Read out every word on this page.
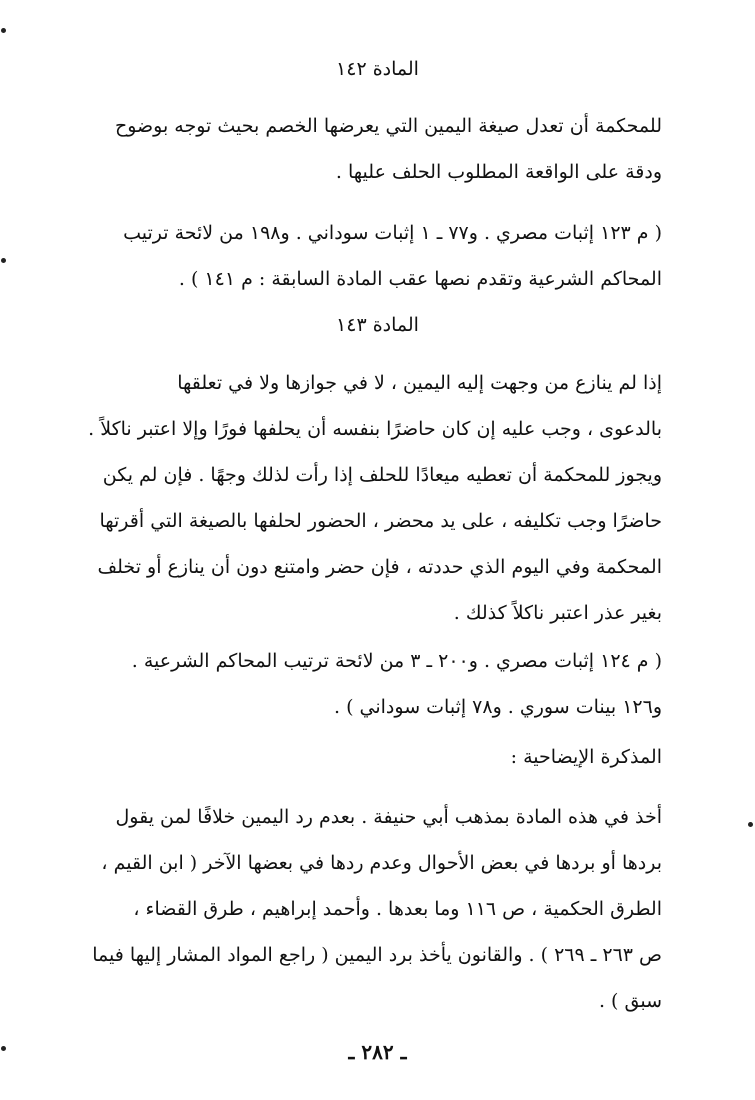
المادة ١٤٢
للمحكمة أن تعدل صيغة اليمين التي يعرضها الخصم بحيث توجه بوضوح
ودقة على الواقعة المطلوب الحلف عليها .
( م ١٢٣ إثبات مصري . و٧٧ ـ ١ إثبات سوداني . و١٩٨ من لائحة ترتيب
المحاكم الشرعية وتقدم نصها عقب المادة السابقة : م ١٤١ ) .
المادة ١٤٣
إذا لم ينازع من وجهت إليه اليمين ، لا في جوازها ولا في تعلقها
بالدعوى ، وجب عليه إن كان حاضرًا بنفسه أن يحلفها فورًا وإلا اعتبر ناكلاً .
ويجوز للمحكمة أن تعطيه ميعادًا للحلف إذا رأت لذلك وجهًا . فإن لم يكن
حاضرًا وجب تكليفه ، على يد محضر ، الحضور لحلفها بالصيغة التي أقرتها
المحكمة وفي اليوم الذي حددته ، فإن حضر وامتنع دون أن ينازع أو تخلف
بغير عذر اعتبر ناكلاً كذلك .
( م ١٢٤ إثبات مصري . و٢٠٠ ـ ٣ من لائحة ترتيب المحاكم الشرعية .
و١٢٦ بينات سوري . و٧٨ إثبات سوداني ) .
المذكرة الإيضاحية :
أخذ في هذه المادة بمذهب أبي حنيفة . بعدم رد اليمين خلافًا لمن يقول
بردها أو بردها في بعض الأحوال وعدم ردها في بعضها الآخر ( ابن القيم ،
الطرق الحكمية ، ص ١١٦ وما بعدها . وأحمد إبراهيم ، طرق القضاء ،
ص ٢٦٣ ـ ٢٦٩ ) . والقانون يأخذ برد اليمين ( راجع المواد المشار إليها فيما
سبق ) .
ـ ٢٨٢ ـ
